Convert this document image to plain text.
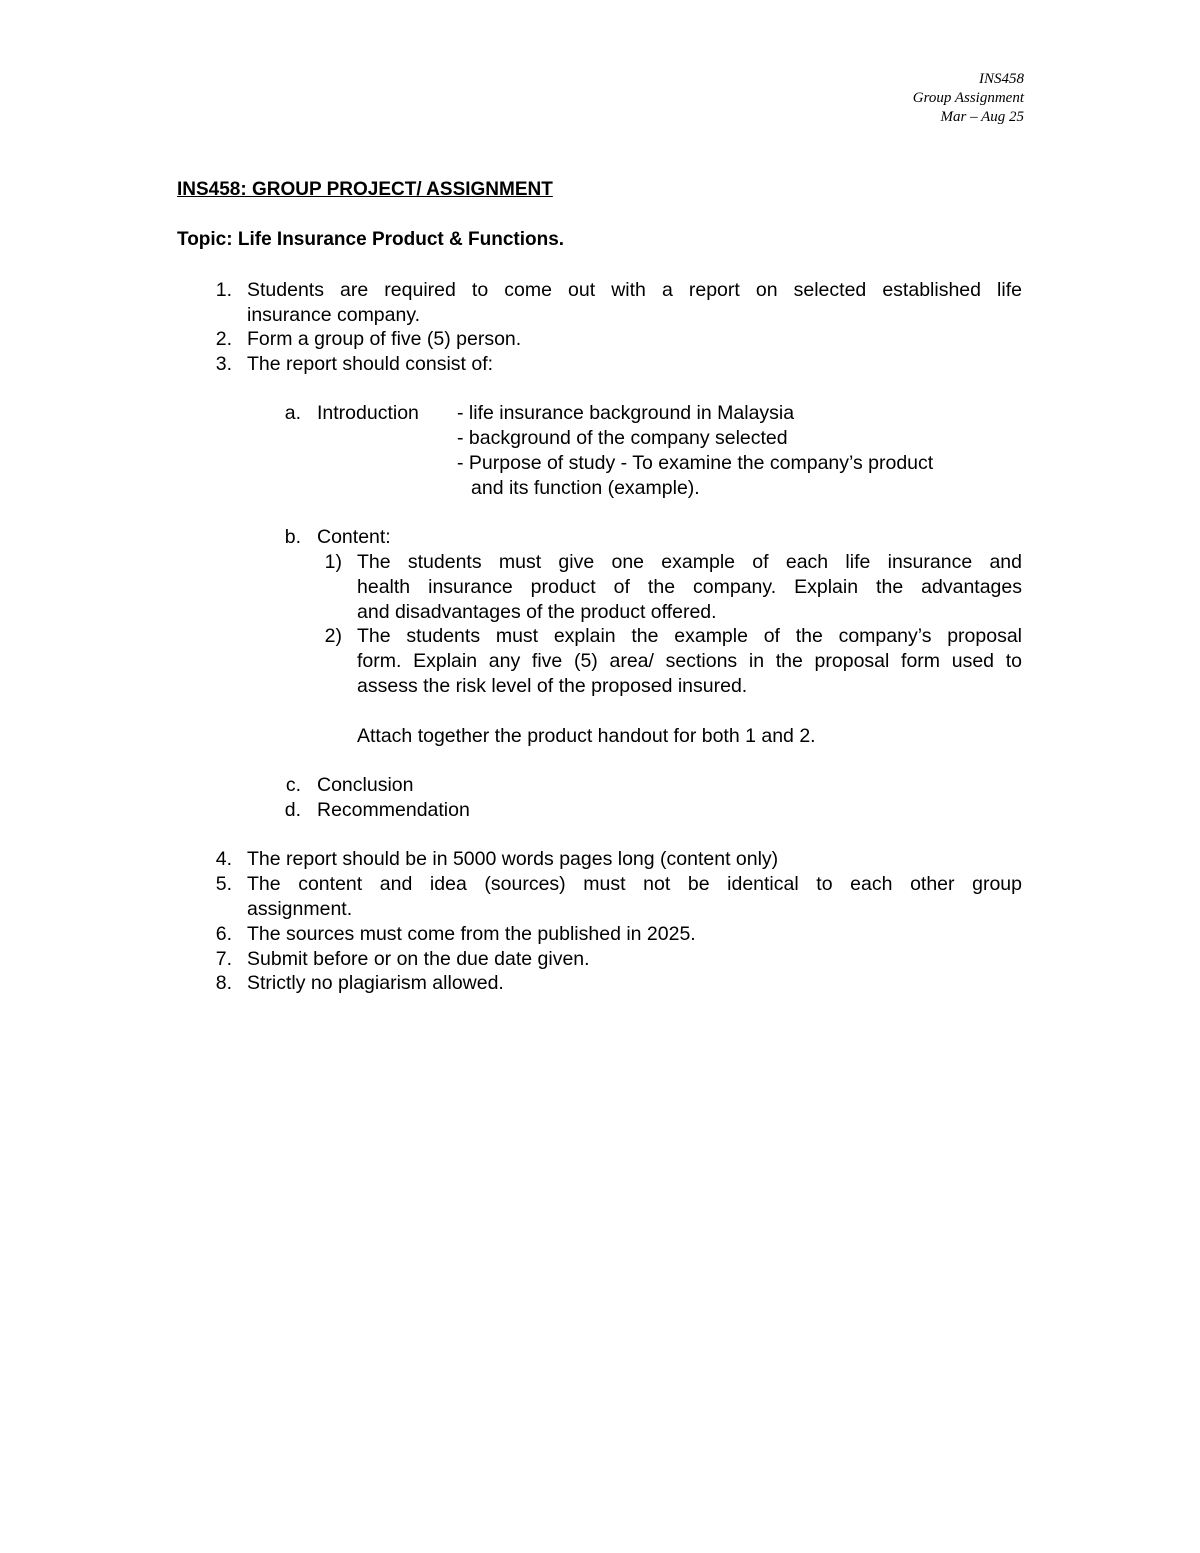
INS458
Group Assignment
Mar – Aug 25
INS458: GROUP PROJECT/ ASSIGNMENT
Topic: Life Insurance Product & Functions.
1. Students are required to come out with a report on selected established life
insurance company.
2. Form a group of five (5) person.
3. The report should consist of:
a. Introduction - life insurance background in Malaysia
- background of the company selected
- Purpose of study - To examine the company’s product
and its function (example).
b. Content:
1) The students must give one example of each life insurance and
health insurance product of the company. Explain the advantages
and disadvantages of the product offered.
2) The students must explain the example of the company’s proposal
form. Explain any five (5) area/ sections in the proposal form used to
assess the risk level of the proposed insured.
Attach together the product handout for both 1 and 2.
c. Conclusion
d. Recommendation
4. The report should be in 5000 words pages long (content only)
5. The content and idea (sources) must not be identical to each other group
assignment.
6. The sources must come from the published in 2025.
7. Submit before or on the due date given.
8. Strictly no plagiarism allowed.
